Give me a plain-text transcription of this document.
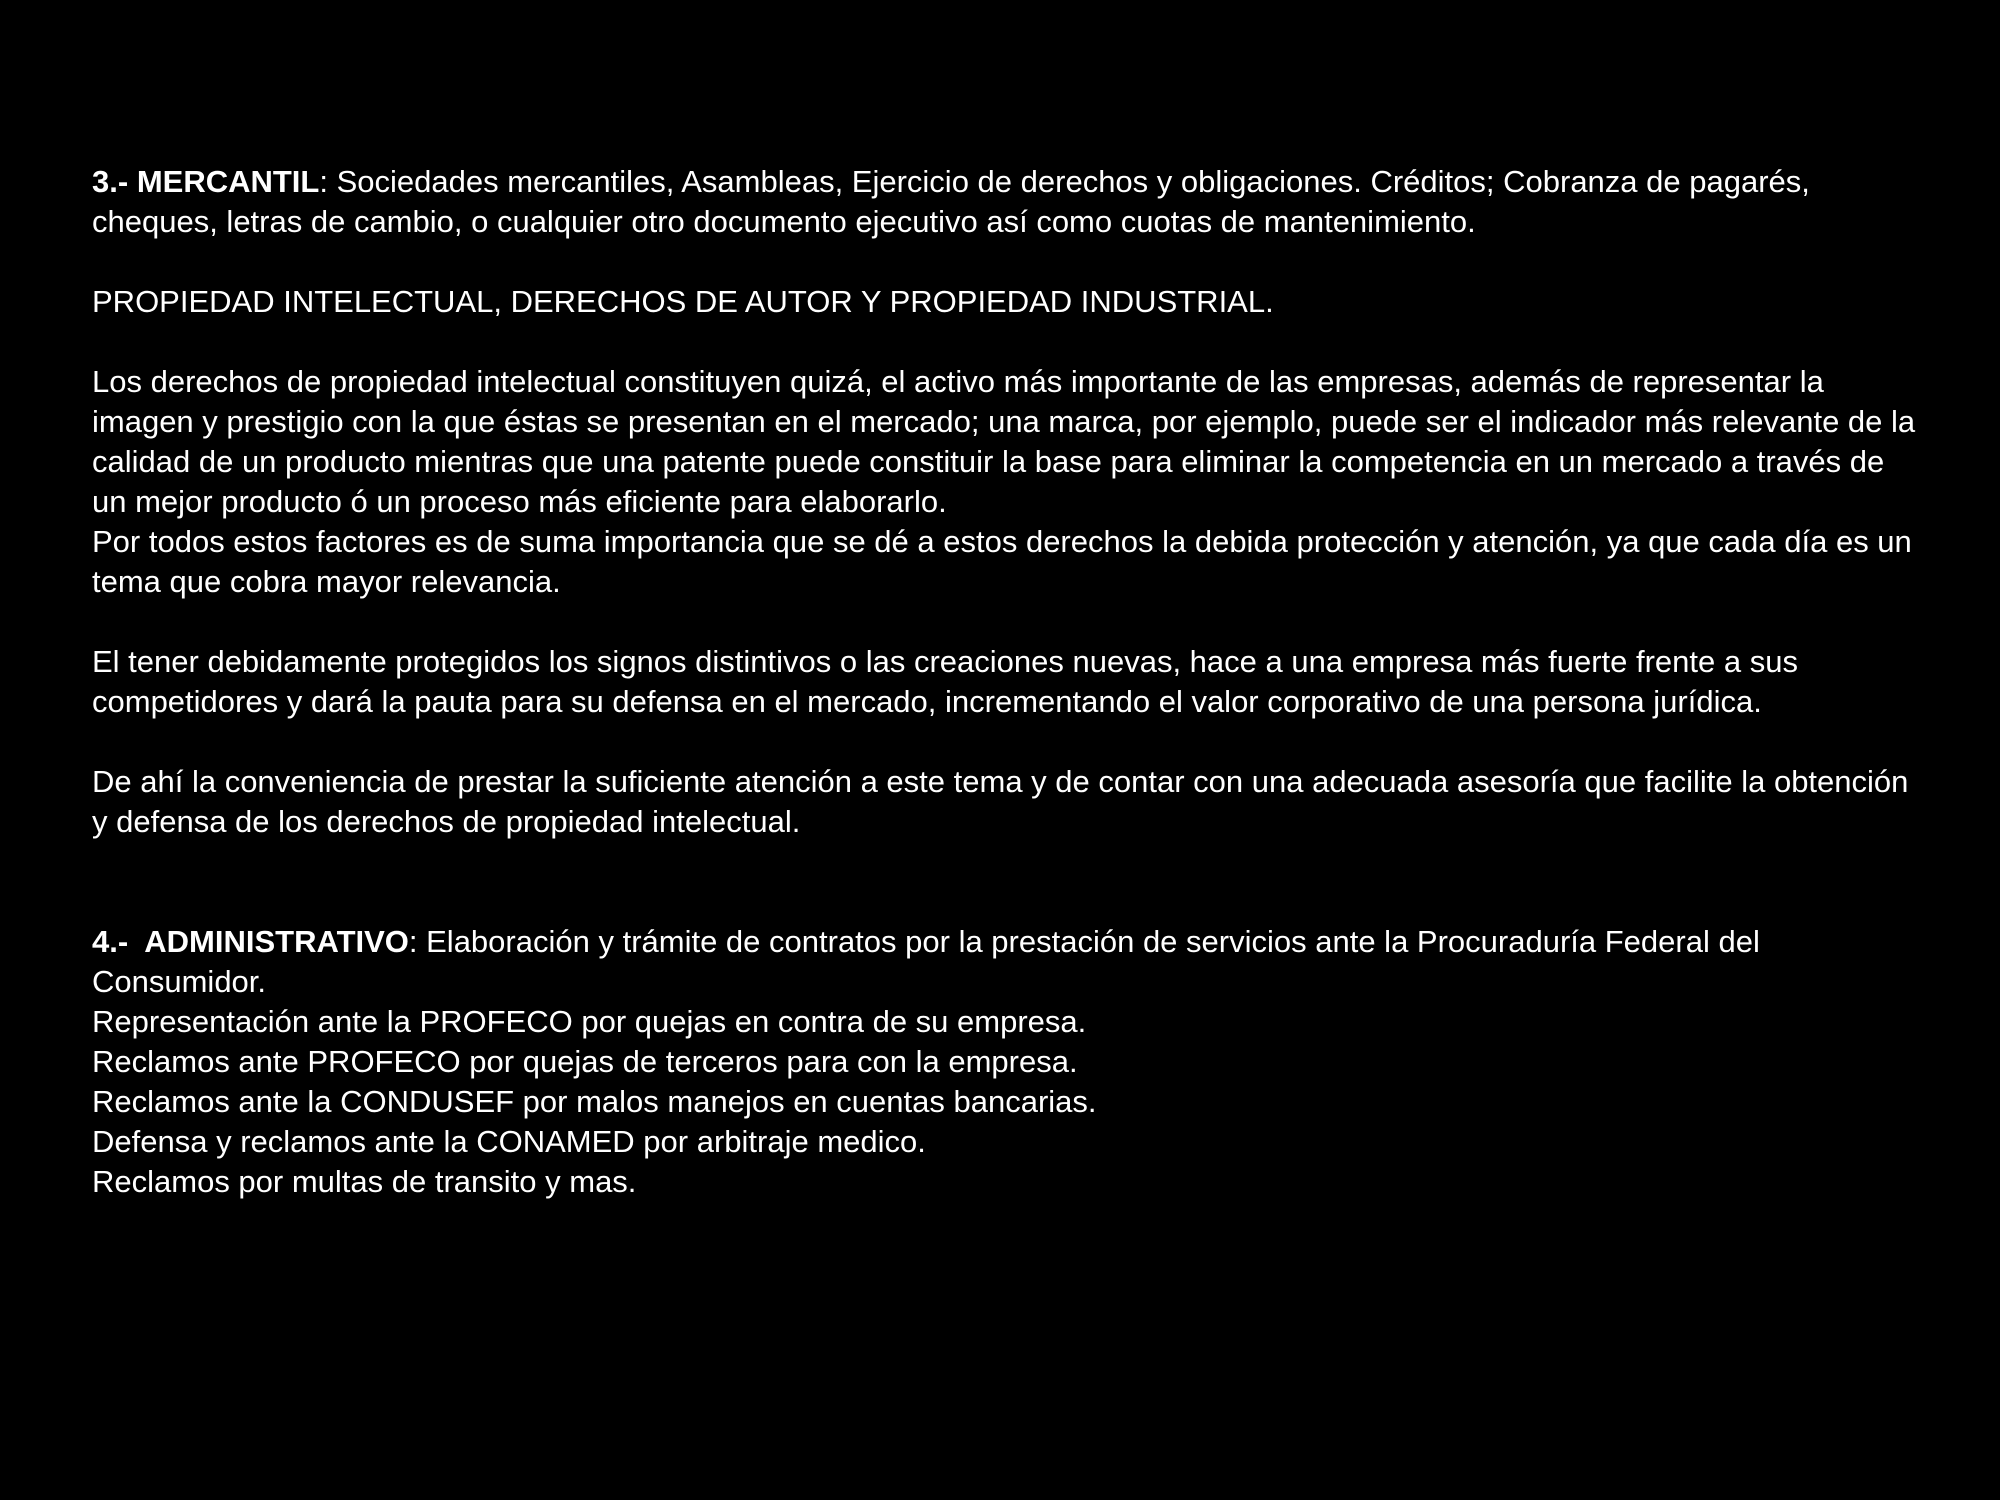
3.- MERCANTIL: Sociedades mercantiles, Asambleas, Ejercicio de derechos y obligaciones. Créditos; Cobranza de pagarés, cheques, letras de cambio, o cualquier otro documento ejecutivo así como cuotas de mantenimiento.

PROPIEDAD INTELECTUAL, DERECHOS DE AUTOR Y PROPIEDAD INDUSTRIAL.

Los derechos de propiedad intelectual constituyen quizá, el activo más importante de las empresas, además de representar la imagen y prestigio con la que éstas se presentan en el mercado; una marca, por ejemplo, puede ser el indicador más relevante de la calidad de un producto mientras que una patente puede constituir la base para eliminar la competencia en un mercado a través de un mejor producto ó un proceso más eficiente para elaborarlo.

Por todos estos factores es de suma importancia que se dé a estos derechos la debida protección y atención, ya que cada día es un tema que cobra mayor relevancia.

El tener debidamente protegidos los signos distintivos o las creaciones nuevas, hace a una empresa más fuerte frente a sus competidores y dará la pauta para su defensa en el mercado, incrementando el valor corporativo de una persona jurídica.

De ahí la conveniencia de prestar la suficiente atención a este tema y de contar con una adecuada asesoría que facilite la obtención y defensa de los derechos de propiedad intelectual.

4.- ADMINISTRATIVO: Elaboración y trámite de contratos por la prestación de servicios ante la Procuraduría Federal del Consumidor.

Representación ante la PROFECO por quejas en contra de su empresa.
Reclamos ante PROFECO por quejas de terceros para con la empresa.
Reclamos ante la CONDUSEF por malos manejos en cuentas bancarias.
Defensa y reclamos ante la CONAMED por arbitraje medico.
Reclamos por multas de transito y mas.
